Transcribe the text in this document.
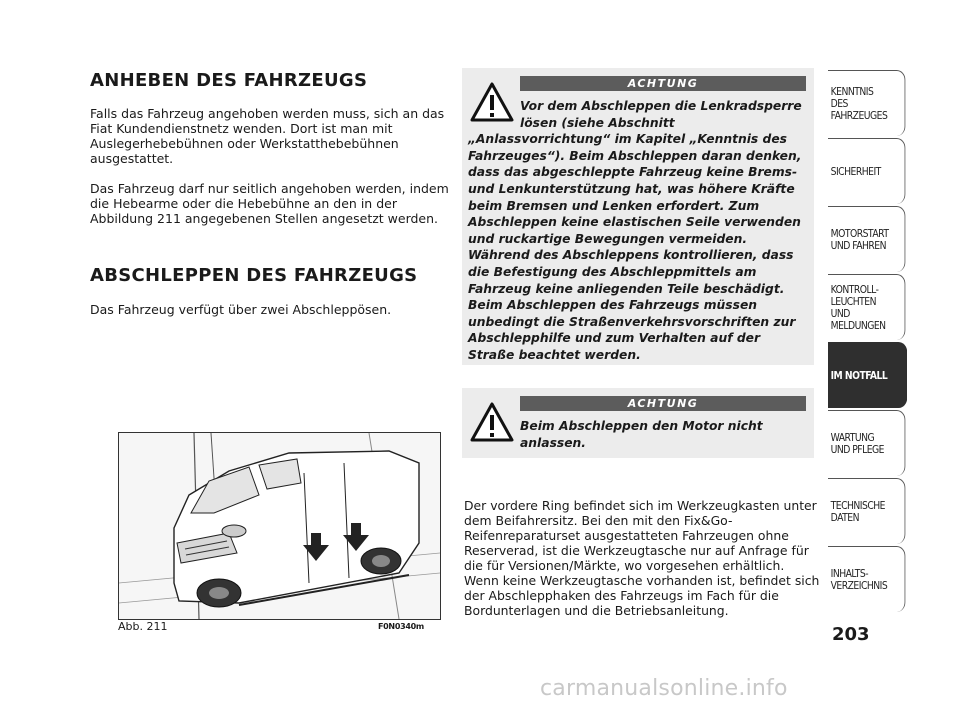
ANHEBEN DES FAHRZEUGS

Falls das Fahrzeug angehoben werden muss, sich an das Fiat Kundendienstnetz wenden. Dort ist man mit Auslegerhebebühnen oder Werkstatthebebühnen ausgestattet.

Das Fahrzeug darf nur seitlich angehoben werden, indem die Hebearme oder die Hebebühne an den in der Abbildung 211 angegebenen Stellen angesetzt werden.

ABSCHLEPPEN DES FAHRZEUGS

Das Fahrzeug verfügt über zwei Abschleppösen.

Abb. 211	F0N0340m
ACHTUNG

Vor dem Abschleppen die Lenkradsperre
lösen (siehe Abschnitt
„Anlassvorrichtung“ im Kapitel „Kenntnis des Fahrzeuges“). Beim Abschleppen daran denken, dass das abgeschleppte Fahrzeug keine Brems- und Lenkunterstützung hat, was höhere Kräfte beim Bremsen und Lenken erfordert. Zum Abschleppen keine elastischen Seile verwenden und ruckartige Bewegungen vermeiden. Während des Abschleppens kontrollieren, dass die Befestigung des Abschleppmittels am Fahrzeug keine anliegenden Teile beschädigt. Beim Abschleppen des Fahrzeugs müssen unbedingt die Straßenverkehrsvorschriften zur Abschlepphilfe und zum Verhalten auf der Straße beachtet werden.

ACHTUNG

Beim Abschleppen den Motor nicht anlassen.

Der vordere Ring befindet sich im Werkzeugkasten unter dem Beifahrersitz. Bei den mit den Fix&Go-Reifenreparaturset ausgestatteten Fahrzeugen ohne Reserverad, ist die Werkzeugtasche nur auf Anfrage für die für Versionen/Märkte, wo vorgesehen erhältlich. Wenn keine Werkzeugtasche vorhanden ist, befindet sich der Abschlepphaken des Fahrzeugs im Fach für die Bordunterlagen und die Betriebsanleitung.

KENNTNIS
DES FAHRZEUGES
SICHERHEIT
MOTORSTART
UND FAHREN
KONTROLL-
LEUCHTEN
UND MELDUNGEN
IM NOTFALL
WARTUNG
UND PFLEGE
TECHNISCHE
DATEN
INHALTS-
VERZEICHNIS
203
carmanualsonline.info
